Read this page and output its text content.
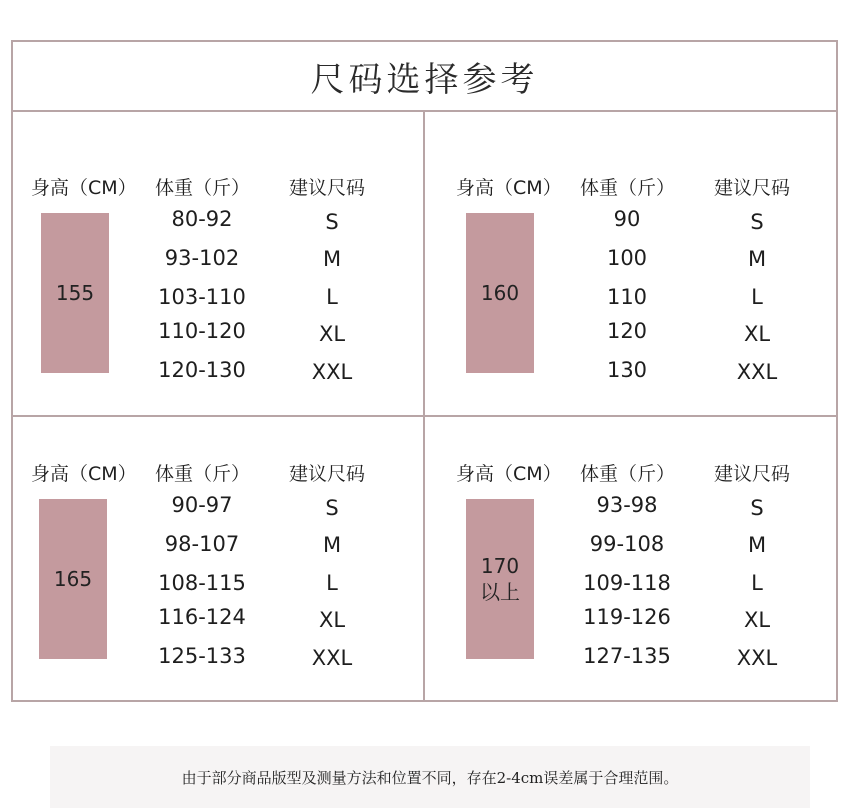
尺码选择参考
身高（CM） 体重（斤） 建议尺码
155
80-92	S
93-102	M
103-110	L
110-120	XL
120-130	XXL
身高（CM） 体重（斤） 建议尺码
160
90	S
100	M
110	L
120	XL
130	XXL
身高（CM） 体重（斤） 建议尺码
165
90-97	S
98-107	M
108-115	L
116-124	XL
125-133	XXL
身高（CM） 体重（斤） 建议尺码
170
以上
93-98	S
99-108	M
109-118	L
119-126	XL
127-135	XXL
由于部分商品版型及测量方法和位置不同，存在2-4cm误差属于合理范围。
